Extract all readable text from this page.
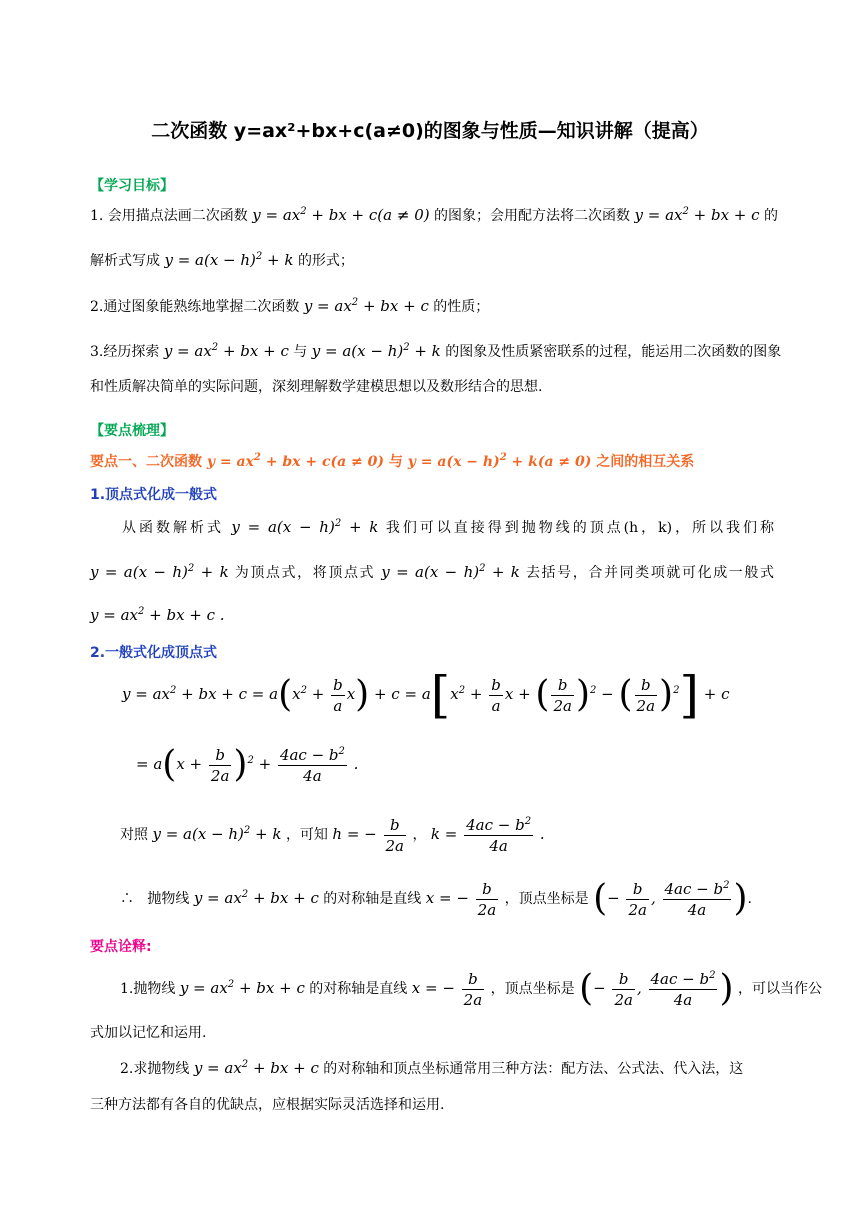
二次函数 y=ax²+bx+c(a≠0)的图象与性质—知识讲解（提高）
【学习目标】
1. 会用描点法画二次函数 $y = ax^2$ + bx + c(a ≠ 0) 的图象；会用配方法将二次函数 $y = ax^2$ + bx + c 的
解析式写成 $y = a(x - h)^2 + k$ 的形式；
2.通过图象能熟练地掌握二次函数 $y = ax^2$ + bx + c 的性质；
3.经历探索 $y = ax^2$ + bx + c 与 $y = a(x - h)^2 + k$ 的图象及性质紧密联系的过程，能运用二次函数的图象
和性质解决简单的实际问题，深刻理解数学建模思想以及数形结合的思想.
【要点梳理】
要点一、二次函数 $y = ax^2$ + bx + c(a ≠ 0) 与 $y = a(x - h)^2 + k(a \ne 0)$ 之间的相互关系
1.顶点式化成一般式
从函数解析式 $y = a(x - h)^2 + k$ 我们可以直接得到抛物线的顶点(h，k)，所以我们称
$y = a(x - h)^2 + k$ 为顶点式，将顶点式 $y = a(x - h)^2 + k$ 去括号，合并同类项就可化成一般式
$y = ax^2$ + bx + c .
2.一般式化成顶点式
$y = ax^2$ + bx + $c = a(x^2 + \frac{b}{a} x) + c = a[x^2 + \frac{b}{a}$ x + ( $\frac{b}{2a} )^2$ − ( $\frac{b}{2a} )^2] + c$
= $a(x + \frac{b}{2a} )^2 + \frac{4ac - b^2}{4a}$ .
对照 $y = a(x - h)^2 + k$ ，可知 h = − $\frac{b}{2a}$ ， $k = \frac{4ac - b^2}{4a}$ .
∴ 抛物线 $y = ax^2$ + bx + c 的对称轴是直线 x = − $\frac{b}{2a}$ ，顶点坐标是 (− $\frac{b}{2a}$ , $\frac{4ac - b^2}{4a}$ ).
要点诠释:
1.抛物线 $y = ax^2$ + bx + c 的对称轴是直线 x = − $\frac{b}{2a}$ ，顶点坐标是 (− $\frac{b}{2a}$ , $\frac{4ac - b^2}{4a}$ ) ，可以当作公
式加以记忆和运用.
2.求抛物线 $y = ax^2$ + bx + c 的对称轴和顶点坐标通常用三种方法：配方法、公式法、代入法，这
三种方法都有各自的优缺点，应根据实际灵活选择和运用.
